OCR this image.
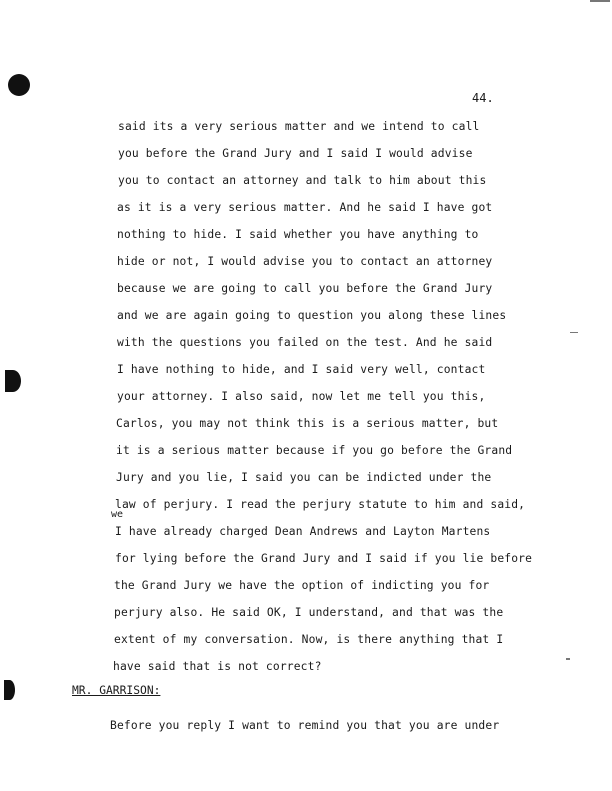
44.
said its a very serious matter and we intend to call
you before the Grand Jury and I said I would advise
you to contact an attorney and talk to him about this
as it is a very serious matter. And he said I have got
nothing to hide. I said whether you have anything to
hide or not, I would advise you to contact an attorney
because we are going to call you before the Grand Jury
and we are again going to question you along these lines
with the questions you failed on the test. And he said
I have nothing to hide, and I said very well, contact
your attorney. I also said, now let me tell you this,
Carlos, you may not think this is a serious matter, but
it is a serious matter because if you go before the Grand
Jury and you lie, I said you can be indicted under the
law of perjury. I read the perjury statute to him and said,
I have already charged Dean Andrews and Layton Martens
for lying before the Grand Jury and I said if you lie before
the Grand Jury we have the option of indicting you for
perjury also. He said OK, I understand, and that was the
extent of my conversation. Now, is there anything that I
have said that is not correct?
we
MR. GARRISON:
Before you reply I want to remind you that you are under
